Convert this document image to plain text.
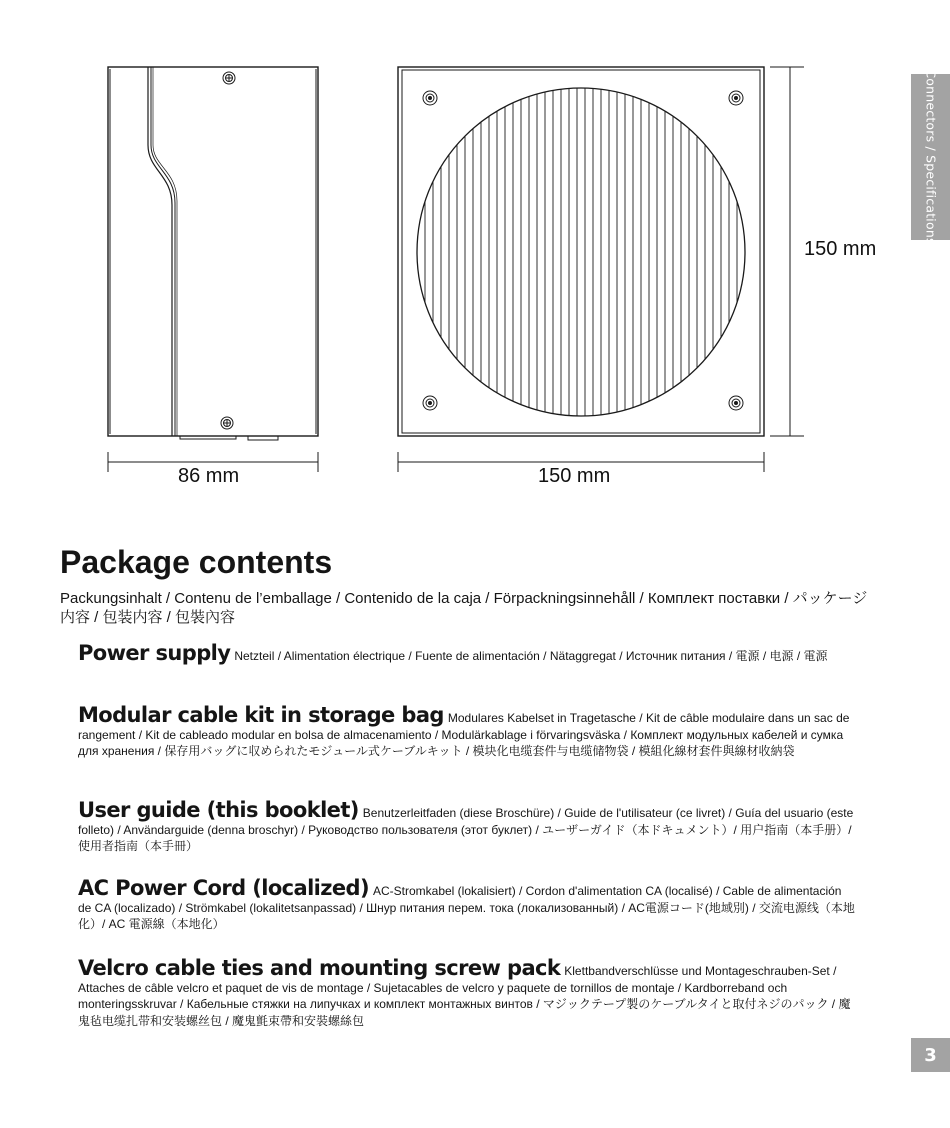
86 mm	150 mm
150 mm
Connectors / Specifications
3
Package contents

Packungsinhalt / Contenu de l’emballage / Contenido de la caja / Förpackningsinnehåll / Комплект поставки / パッケージ内容 / 包装内容 / 包裝內容

Power supply Netzteil / Alimentation électrique / Fuente de alimentación / Nätaggregat / Источник питания / 電源 / 电源 / 電源

Modular cable kit in storage bag Modulares Kabelset in Tragetasche / Kit de câble modulaire dans un sac de rangement / Kit de cableado modular en bolsa de almacenamiento / Modulärkablage i förvaringsväska / Комплект модульных кабелей и сумка для хранения / 保存用バッグに収められたモジュール式ケーブルキット / 模块化电缆套件与电缆储物袋 / 模組化線材套件與線材收納袋

User guide (this booklet) Benutzerleitfaden (diese Broschüre) / Guide de l'utilisateur (ce livret) / Guía del usuario (este folleto) / Användarguide (denna broschyr) / Руководство пользователя (этот буклет) / ユーザーガイド（本ドキュメント）/ 用户指南（本手册）/ 使用者指南（本手冊）

AC Power Cord (localized) AC-Stromkabel (lokalisiert) / Cordon d'alimentation CA (localisé) / Cable de alimentación de CA (localizado) / Strömkabel (lokalitetsanpassad) / Шнур питания перем. тока (локализованный) / AC電源コード(地域別) / 交流电源线（本地化）/ AC 電源線（本地化）

Velcro cable ties and mounting screw pack Klettbandverschlüsse und Montageschrauben-Set / Attaches de câble velcro et paquet de vis de montage / Sujetacables de velcro y paquete de tornillos de montaje / Kardborreband och monteringsskruvar / Кабельные стяжки на липучках и комплект монтажных винтов / マジックテープ製のケーブルタイと取付ネジのパック / 魔鬼毡电缆扎带和安装螺丝包 / 魔鬼氈束帶和安裝螺絲包
